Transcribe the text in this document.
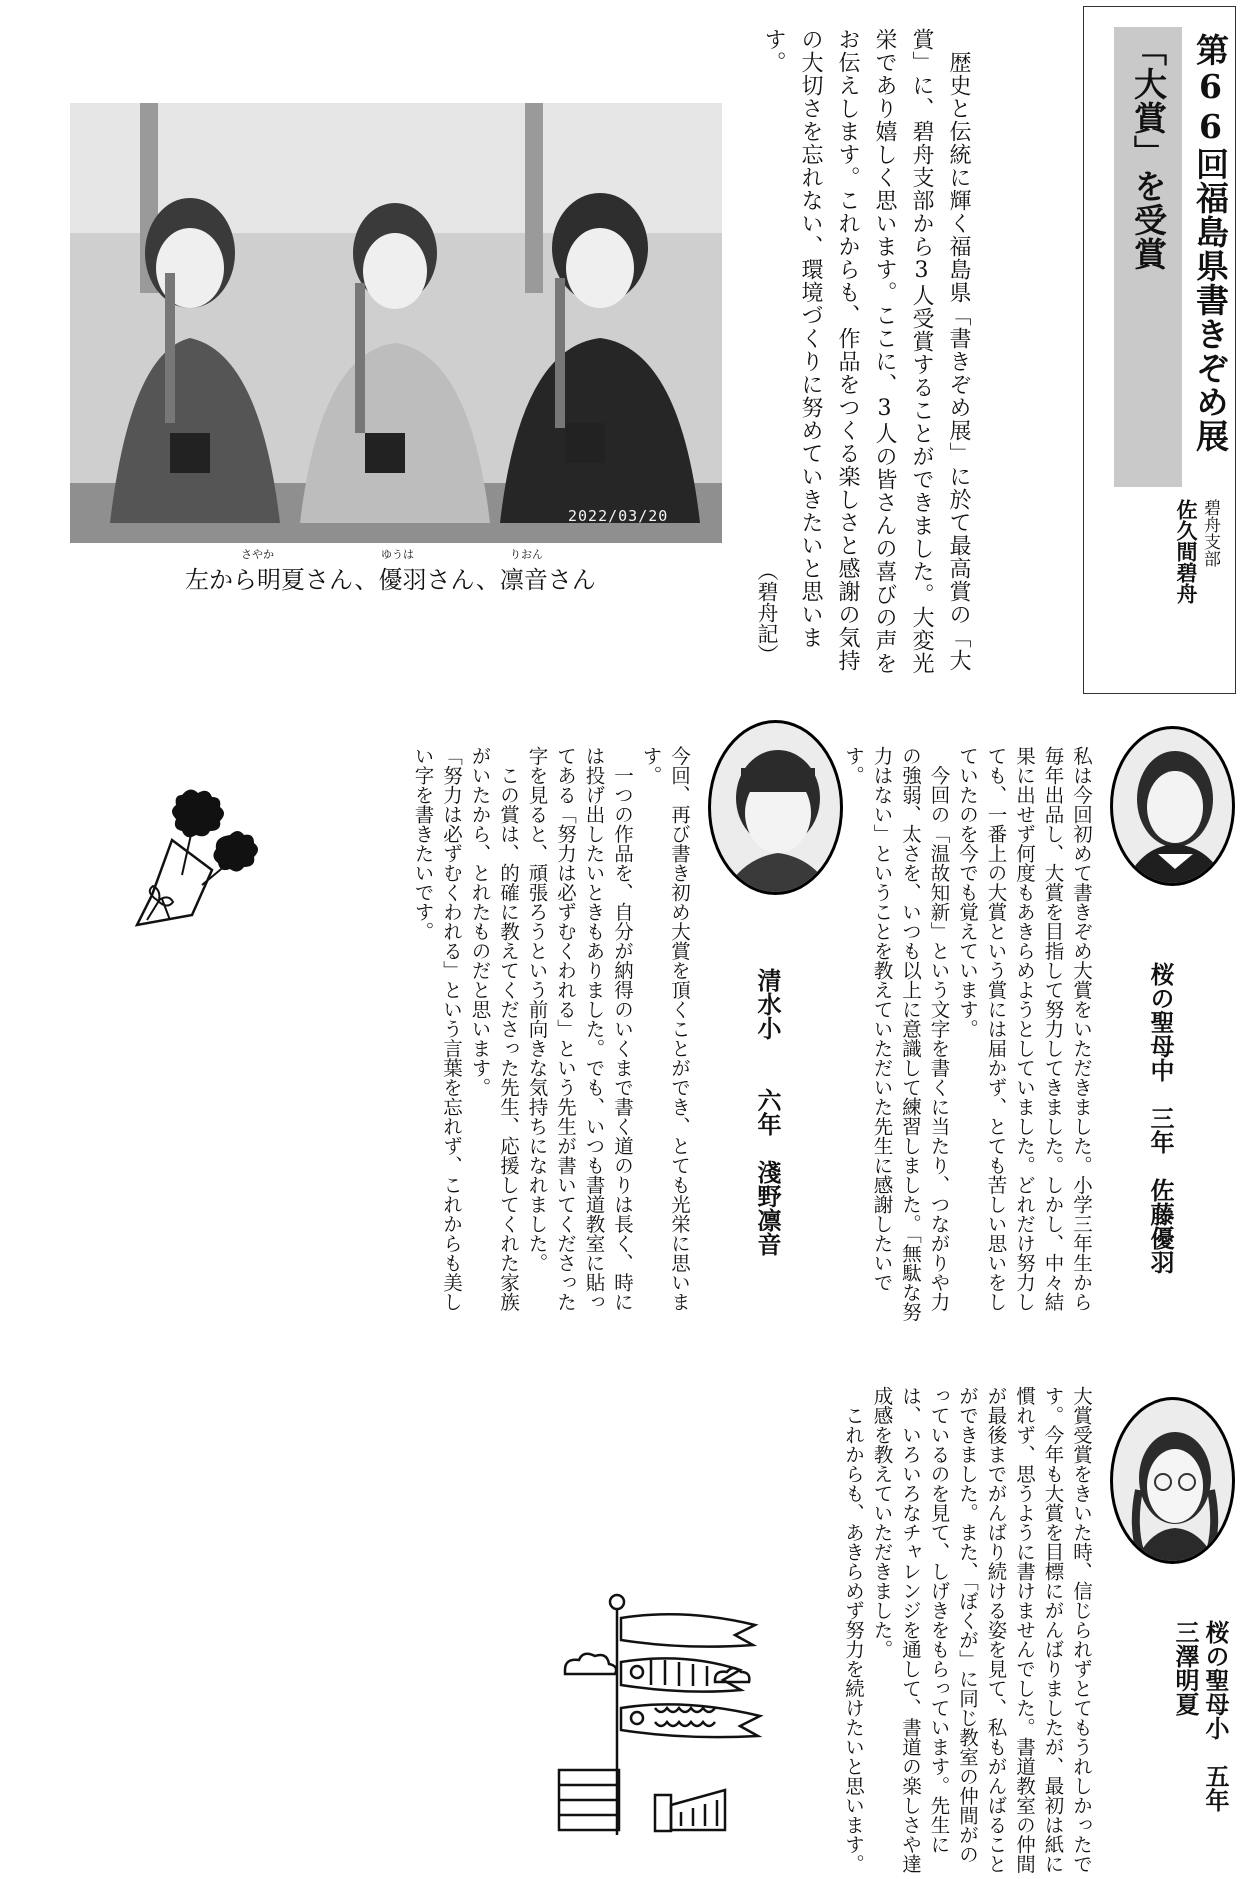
第66回福島県書きぞめ展「大賞」を受賞
碧舟支部
佐久間碧舟
　歴史と伝統に輝く福島県「書きぞめ展」に於て最高賞の「大賞」に、碧舟支部から3人受賞することができました。大変光栄であり嬉しく思います。ここに、3人の皆さんの喜びの声をお伝えします。これからも、作品をつくる楽しさと感謝の気持の大切さを忘れない、環境づくりに努めていきたいと思います。
（碧舟記）
2022/03/20
さやか	ゆうは	りおん
左から明夏さん、優羽さん、凛音さん
桜の聖母中　三年　佐藤優羽
私は今回初めて書きぞめ大賞をいただきました。小学三年生から毎年出品し、大賞を目指して努力してきました。しかし、中々結果に出せず何度もあきらめようとしていました。どれだけ努力しても、一番上の大賞という賞には届かず、とても苦しい思いをしていたのを今でも覚えています。
　今回の「温故知新」という文字を書くに当たり、つながりや力の強弱、太さを、いつも以上に意識して練習しました。「無駄な努力はない」ということを教えていただいた先生に感謝したいです。
清水小　　六年　淺野凛音
今回、再び書き初め大賞を頂くことができ、とても光栄に思います。
　一つの作品を、自分が納得のいくまで書く道のりは長く、時には投げ出したいときもありました。でも、いつも書道教室に貼ってある「努力は必ずむくわれる」という先生が書いてくださった字を見ると、頑張ろうという前向きな気持ちになれました。
　この賞は、的確に教えてくださった先生、応援してくれた家族がいたから、とれたものだと思います。
「努力は必ずむくわれる」という言葉を忘れず、これからも美しい字を書きたいです。
桜の聖母小　五年
三澤明夏
大賞受賞をきいた時、信じられずとてもうれしかったです。今年も大賞を目標にがんばりましたが、最初は紙に慣れず、思うように書けませんでした。書道教室の仲間が最後までがんばり続ける姿を見て、私もがんばることができました。また、「ぼくが」に同じ教室の仲間がのっているのを見て、しげきをもらっています。先生には、いろいろなチャレンジを通して、書道の楽しさや達成感を教えていただきました。
　これからも、あきらめず努力を続けたいと思います。
